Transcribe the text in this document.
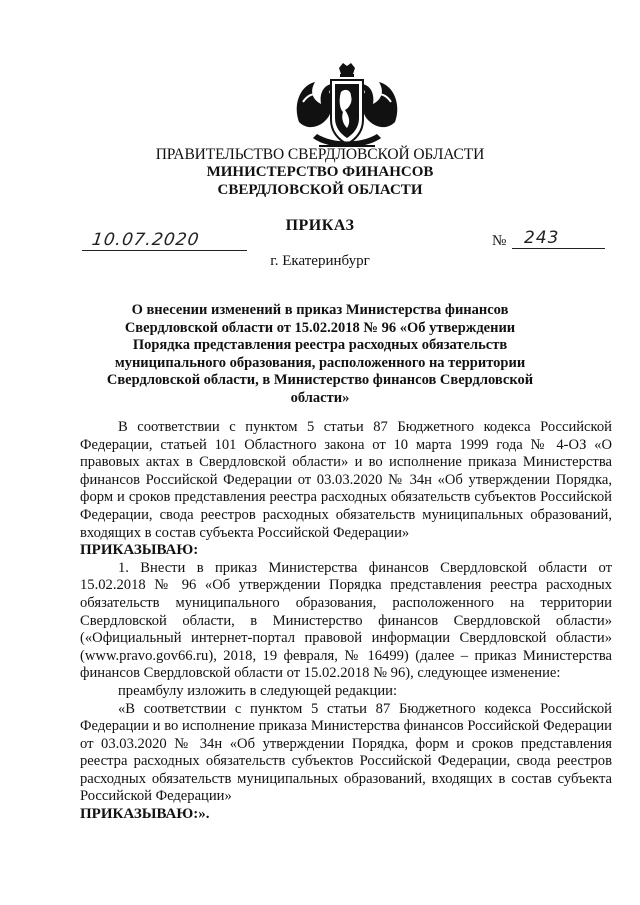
ПРАВИТЕЛЬСТВО СВЕРДЛОВСКОЙ ОБЛАСТИ
МИНИСТЕРСТВО ФИНАНСОВ
СВЕРДЛОВСКОЙ ОБЛАСТИ
ПРИКАЗ
10.07.2020	№ 243
г. Екатеринбург
О внесении изменений в приказ Министерства финансов Свердловской области от 15.02.2018 № 96 «Об утверждении Порядка представления реестра расходных обязательств муниципального образования, расположенного на территории Свердловской области, в Министерство финансов Свердловской области»

В соответствии с пунктом 5 статьи 87 Бюджетного кодекса Российской Федерации, статьей 101 Областного закона от 10 марта 1999 года № 4-ОЗ «О правовых актах в Свердловской области» и во исполнение приказа Министерства финансов Российской Федерации от 03.03.2020 № 34н «Об утверждении Порядка, форм и сроков представления реестра расходных обязательств субъектов Российской Федерации, свода реестров расходных обязательств муниципальных образований, входящих в состав субъекта Российской Федерации»

ПРИКАЗЫВАЮ:

1. Внести в приказ Министерства финансов Свердловской области от 15.02.2018 № 96 «Об утверждении Порядка представления реестра расходных обязательств муниципального образования, расположенного на территории Свердловской области, в Министерство финансов Свердловской области» («Официальный интернет-портал правовой информации Свердловской области» (www.pravo.gov66.ru), 2018, 19 февраля, № 16499) (далее – приказ Министерства финансов Свердловской области от 15.02.2018 № 96), следующее изменение:

преамбулу изложить в следующей редакции:

«В соответствии с пунктом 5 статьи 87 Бюджетного кодекса Российской Федерации и во исполнение приказа Министерства финансов Российской Федерации от 03.03.2020 № 34н «Об утверждении Порядка, форм и сроков представления реестра расходных обязательств субъектов Российской Федерации, свода реестров расходных обязательств муниципальных образований, входящих в состав субъекта Российской Федерации»

ПРИКАЗЫВАЮ:».
